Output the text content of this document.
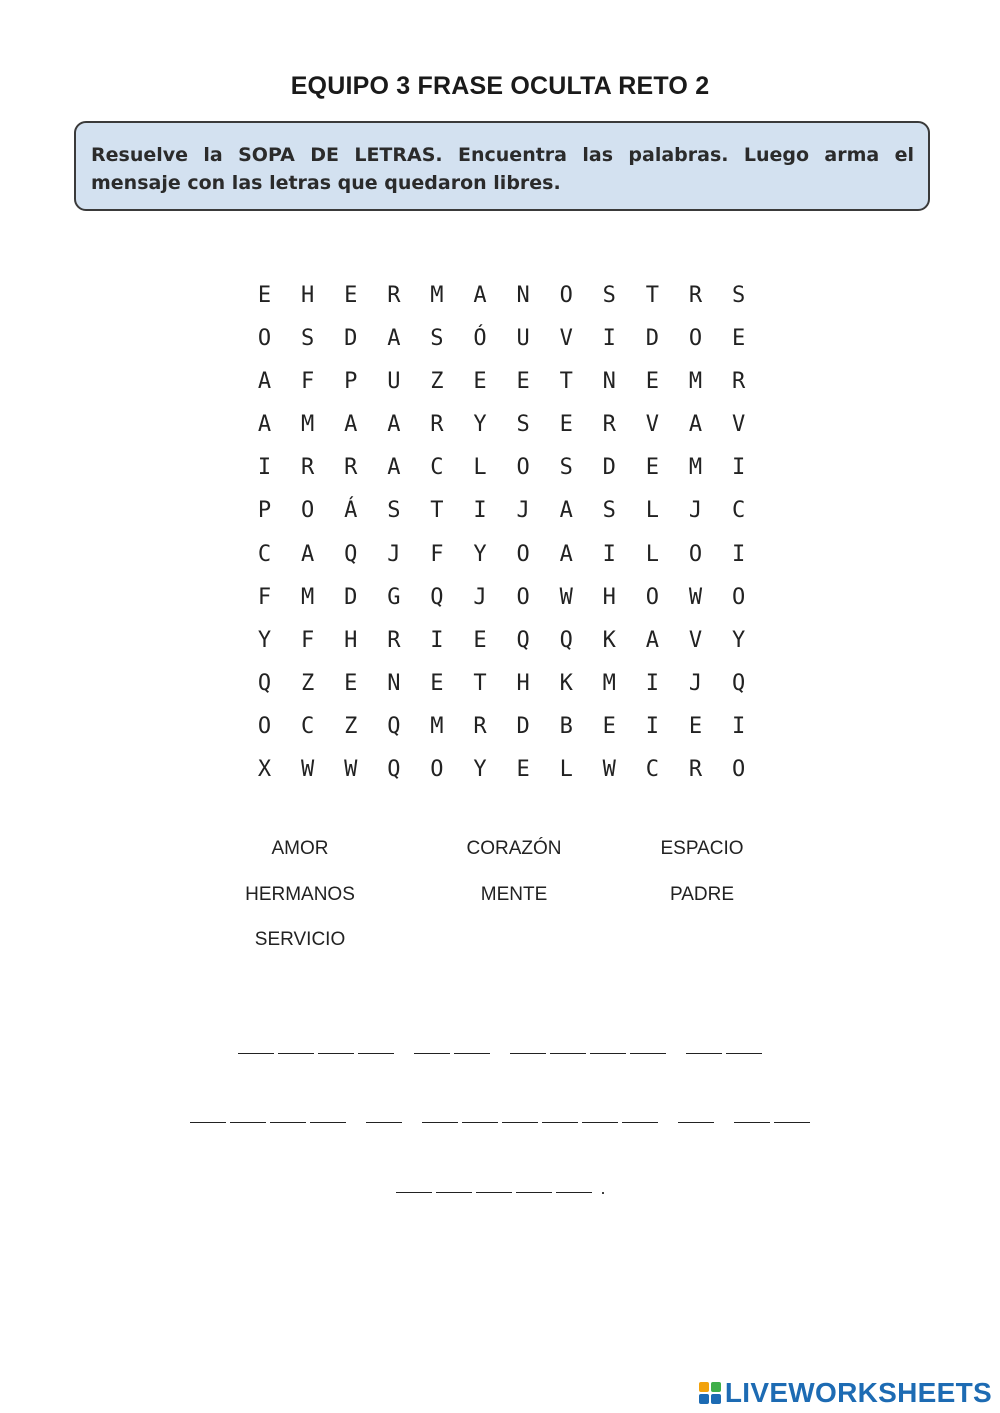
EQUIPO 3 FRASE OCULTA RETO 2

Resuelve la SOPA DE LETRAS. Encuentra las palabras. Luego arma el mensaje con las letras que quedaron libres.

E	H	E	R	M	A	N	O	S	T	R	S
O	S	D	A	S	Ó	U	V	I	D	O	E
A	F	P	U	Z	E	E	T	N	E	M	R
A	M	A	A	R	Y	S	E	R	V	A	V
I	R	R	A	C	L	O	S	D	E	M	I
P	O	Á	S	T	I	J	A	S	L	J	C
C	A	Q	J	F	Y	O	A	I	L	O	I
F	M	D	G	Q	J	O	W	H	O	W	O
Y	F	H	R	I	E	Q	Q	K	A	V	Y
Q	Z	E	N	E	T	H	K	M	I	J	Q
O	C	Z	Q	M	R	D	B	E	I	E	I
X	W	W	Q	O	Y	E	L	W	C	R	O
AMOR	CORAZÓN	ESPACIO
HERMANOS	MENTE	PADRE
SERVICIO
.
LIVEWORKSHEETS
